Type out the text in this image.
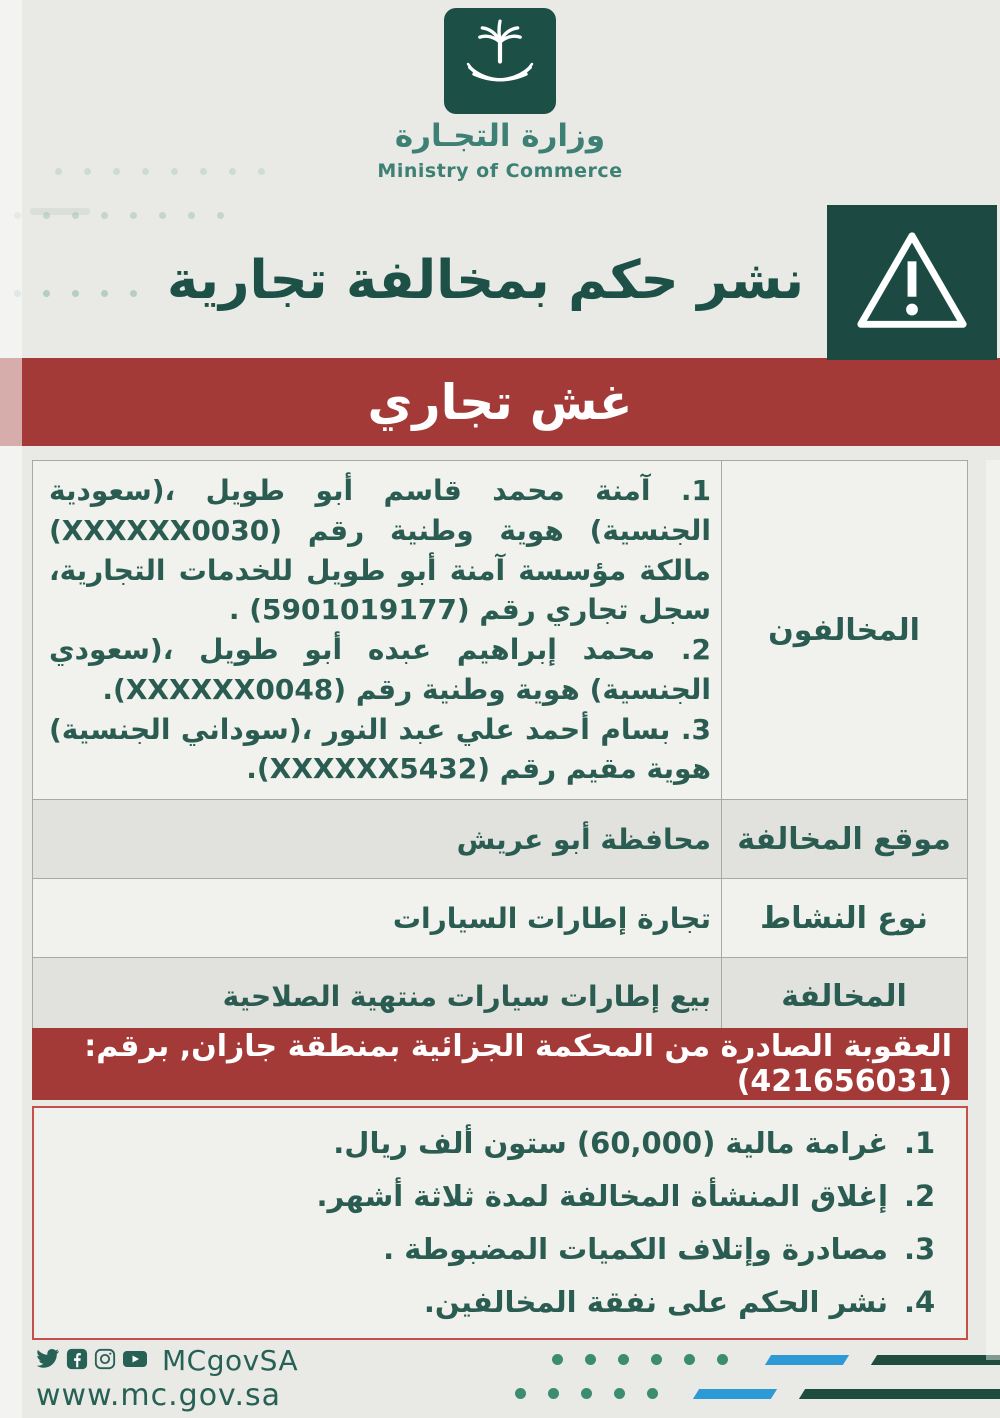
وزارة التجـارة
Ministry of Commerce
نشر حكم بمخالفة تجارية
غش تجاري
1. آمنة محمد قاسم أبو طويل ،(سعودية الجنسية) هوية وطنية رقم (XXXXXX0030) مالكة مؤسسة آمنة أبو طويل للخدمات التجارية، سجل تجاري رقم (5901019177) .
2. محمد إبراهيم عبده أبو طويل ،(سعودي الجنسية) هوية وطنية رقم (XXXXXX0048).
3. بسام أحمد علي عبد النور ،(سوداني الجنسية) هوية مقيم رقم (XXXXXX5432).
المخالفون
محافظة أبو عريش موقع المخالفة
تجارة إطارات السيارات	نوع النشاط
بيع إطارات سيارات منتهية الصلاحية	المخالفة
العقوبة الصادرة من المحكمة الجزائية بمنطقة جازان, برقم: (421656031)
1.
غرامة مالية (60,000) ستون ألف ريال.
2.
إغلاق المنشأة المخالفة لمدة ثلاثة أشهر.
3.
مصادرة وإتلاف الكميات المضبوطة .
4.
نشر الحكم على نفقة المخالفين.
MCgovSA
www.mc.gov.sa
